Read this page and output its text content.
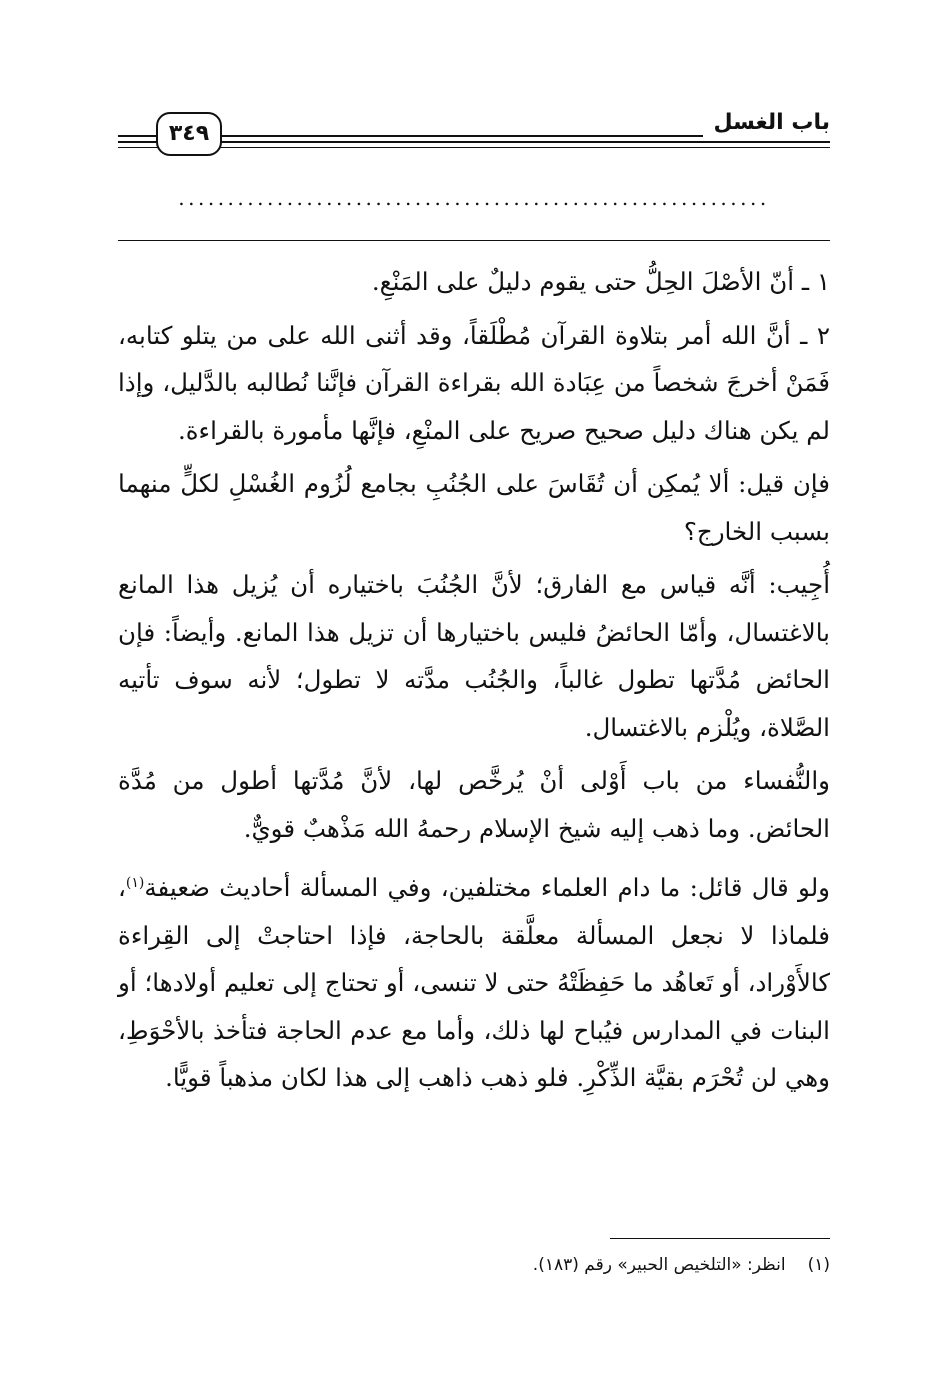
باب الغسل
٣٤٩
............................................................

١ ـ أنّ الأصْلَ الحِلُّ حتى يقوم دليلٌ على المَنْعِ.

٢ ـ أنَّ الله أمر بتلاوة القرآن مُطْلَقاً، وقد أثنى الله على من يتلو كتابه، فَمَنْ أخرجَ شخصاً من عِبَادة الله بقراءة القرآن فإنَّنا نُطالبه بالدَّليل، وإذا لم يكن هناك دليل صحيح صريح على المنْعِ، فإنَّها مأمورة بالقراءة.

فإن قيل: ألا يُمكِن أن تُقَاسَ على الجُنُبِ بجامع لُزُوم الغُسْلِ لكلٍّ منهما بسبب الخارج؟

أُجِيب: أنَّه قياس مع الفارق؛ لأنَّ الجُنُبَ باختياره أن يُزيل هذا المانع بالاغتسال، وأمّا الحائضُ فليس باختيارها أن تزيل هذا المانع. وأيضاً: فإن الحائض مُدَّتها تطول غالباً، والجُنُب مدَّته لا تطول؛ لأنه سوف تأتيه الصَّلاة، ويُلْزم بالاغتسال.

والنُّفساء من باب أَوْلى أنْ يُرخَّص لها، لأنَّ مُدَّتها أطول من مُدَّة الحائض. وما ذهب إليه شيخ الإسلام رحمهُ الله مَذْهبٌ قويٌّ.

ولو قال قائل: ما دام العلماء مختلفين، وفي المسألة أحاديث ضعيفة$^{(١)}$، فلماذا لا نجعل المسألة معلَّقة بالحاجة، فإذا احتاجتْ إلى القِراءة كالأَوْراد، أو تَعاهُد ما حَفِظَتْهُ حتى لا تنسى، أو تحتاج إلى تعليم أولادها؛ أو البنات في المدارس فيُباح لها ذلك، وأما مع عدم الحاجة فتأخذ بالأحْوَطِ، وهي لن تُحْرَم بقيَّة الذِّكْرِ. فلو ذهب ذاهب إلى هذا لكان مذهباً قويًّا.

(١)انظر: «التلخيص الحبير» رقم (١٨٣).
